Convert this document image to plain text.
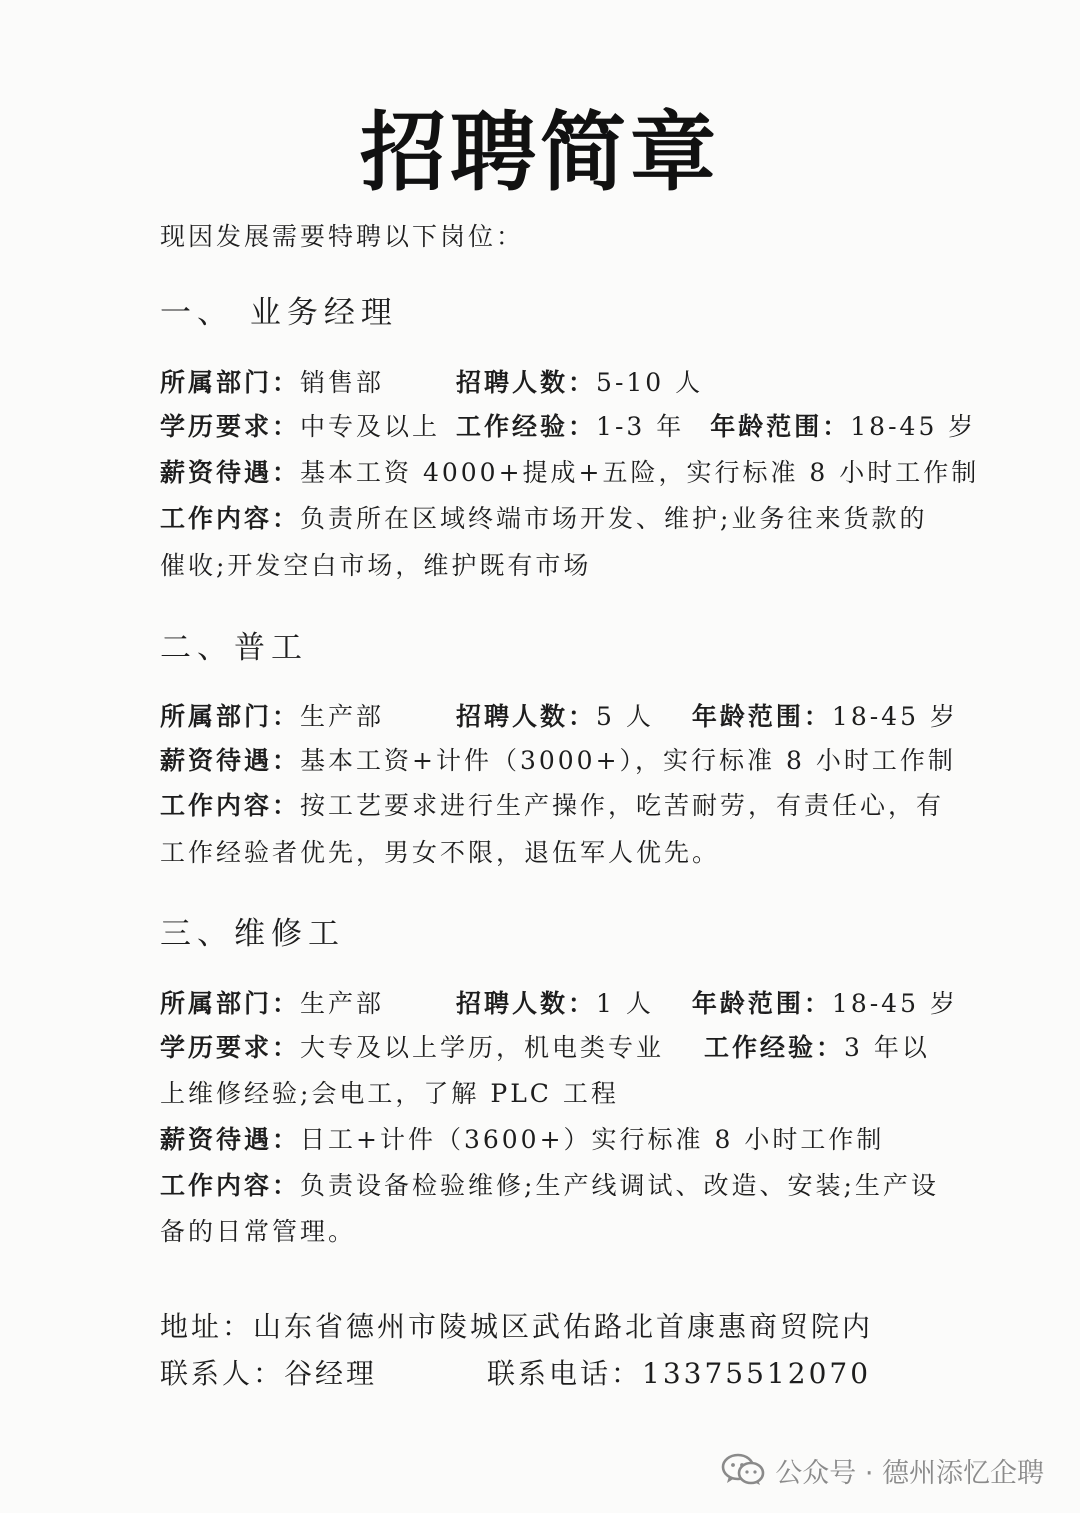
招聘简章
现因发展需要特聘以下岗位：
一、 业务经理
所属部门：销售部	招聘人数：5-10 人
学历要求：中专及以上 工作经验：1-3 年 年龄范围：18-45 岁
薪资待遇：基本工资 4000+提成+五险，实行标准 8 小时工作制
工作内容：负责所在区域终端市场开发、维护;业务往来货款的
催收;开发空白市场，维护既有市场
二、普工
所属部门：生产部	招聘人数：5 人 年龄范围：18-45 岁
薪资待遇：基本工资+计件（3000+），实行标准 8 小时工作制
工作内容：按工艺要求进行生产操作，吃苦耐劳，有责任心，有
工作经验者优先，男女不限，退伍军人优先。
三、维修工
所属部门：生产部	招聘人数：1 人 年龄范围：18-45 岁
学历要求：大专及以上学历，机电类专业 工作经验：3 年以
上维修经验;会电工，了解 PLC 工程
薪资待遇：日工+计件（3600+）实行标准 8 小时工作制
工作内容：负责设备检验维修;生产线调试、改造、安装;生产设
备的日常管理。
地址：山东省德州市陵城区武佑路北首康惠商贸院内
联系人：谷经理	联系电话：13375512070
公众号 · 德州添忆企聘
